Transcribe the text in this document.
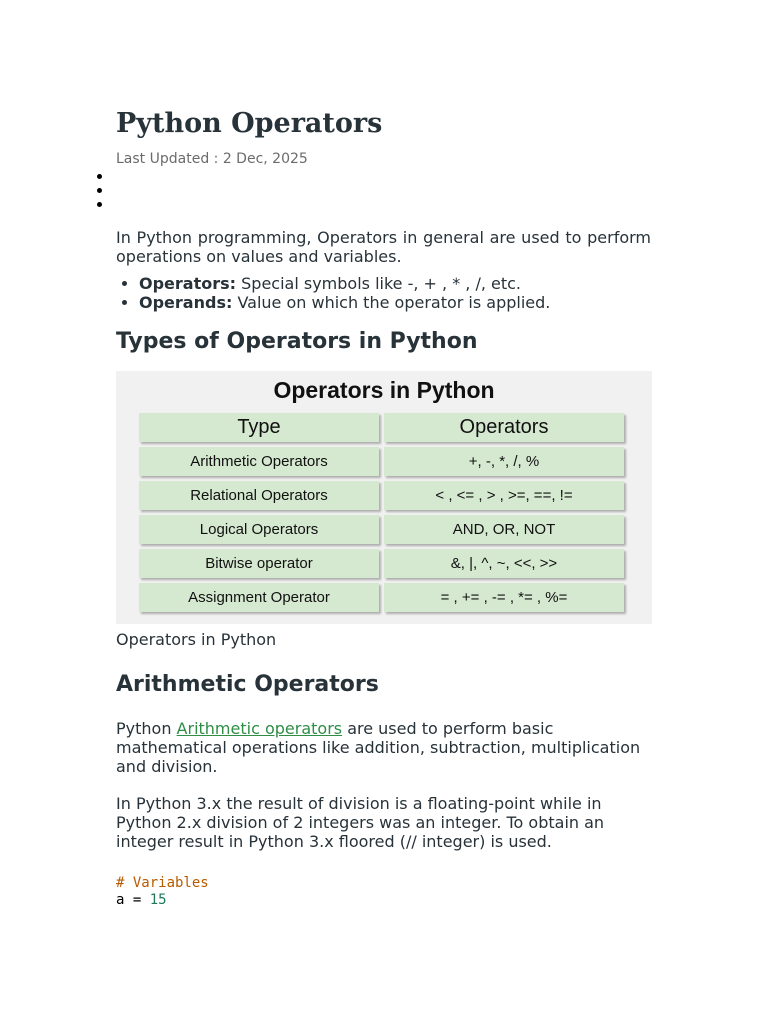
Python Operators
Last Updated : 2 Dec, 2025

In Python programming, Operators in general are used to perform operations on values and variables.

• Operators: Special symbols like -, + , * , /, etc.
• Operands: Value on which the operator is applied.
Types of Operators in Python
Operators in Python
Type	Operators
Arithmetic Operators	+, -, *, /, %
Relational Operators	< , <= , > , >=, ==, !=
Logical Operators	AND, OR, NOT
Bitwise operator	&, |, ^, ~, <<, >>
Assignment Operator	= , += , -= , *= , %=
Operators in Python
Arithmetic Operators

Python Arithmetic operators are used to perform basic mathematical operations like addition, subtraction, multiplication and division.

In Python 3.x the result of division is a floating-point while in Python 2.x division of 2 integers was an integer. To obtain an integer result in Python 3.x floored (// integer) is used.

# Variables
a = 15
